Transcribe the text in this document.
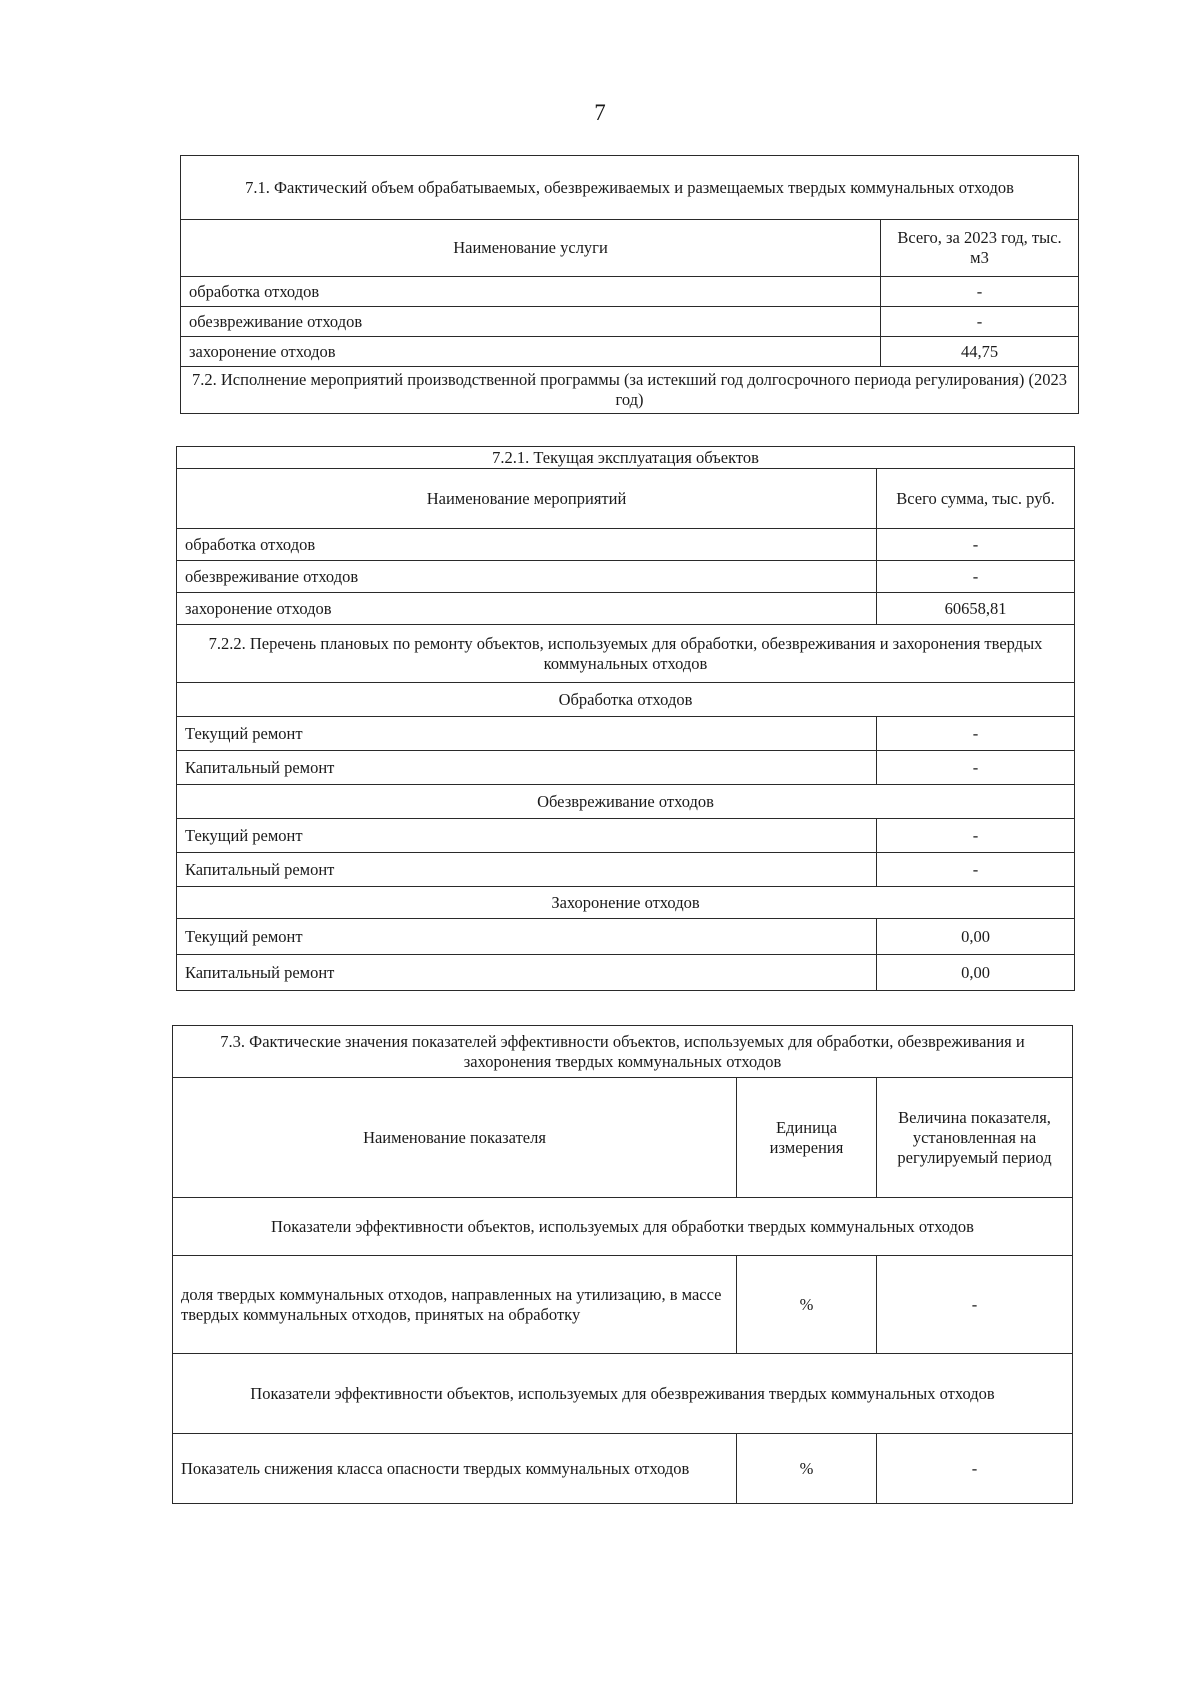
7
7.1. Фактический объем обрабатываемых, обезвреживаемых и размещаемых твердых коммунальных отходов	
Наименование услуги	Всего, за 2023 год, тыс. м3
обработка отходов	-
обезвреживание отходов	-
захоронение отходов	44,75
7.2. Исполнение мероприятий производственной программы (за истекший год долгосрочного периода регулирования) (2023 год)	
7.2.1. Текущая эксплуатация объектов	
Наименование мероприятий	Всего сумма, тыс. руб.
обработка отходов	-
обезвреживание отходов	-
захоронение отходов	60658,81
7.2.2. Перечень плановых по ремонту объектов, используемых для обработки, обезвреживания и захоронения твердых коммунальных отходов	
Обработка отходов	
Текущий ремонт	-
Капитальный ремонт	-
Обезвреживание отходов	
Текущий ремонт	-
Капитальный ремонт	-
Захоронение отходов	
Текущий ремонт	0,00
Капитальный ремонт	0,00
7.3. Фактические значения показателей эффективности объектов, используемых для обработки, обезвреживания и захоронения твердых коммунальных отходов		
Наименование показателя	Единица измерения	Величина показателя, установленная на регулируемый период
Показатели эффективности объектов, используемых для обработки твердых коммунальных отходов		
доля твердых коммунальных отходов, направленных на утилизацию, в массе твердых коммунальных отходов, принятых на обработку	%	-
Показатели эффективности объектов, используемых для обезвреживания твердых коммунальных отходов		
Показатель снижения класса опасности твердых коммунальных отходов	%	-
